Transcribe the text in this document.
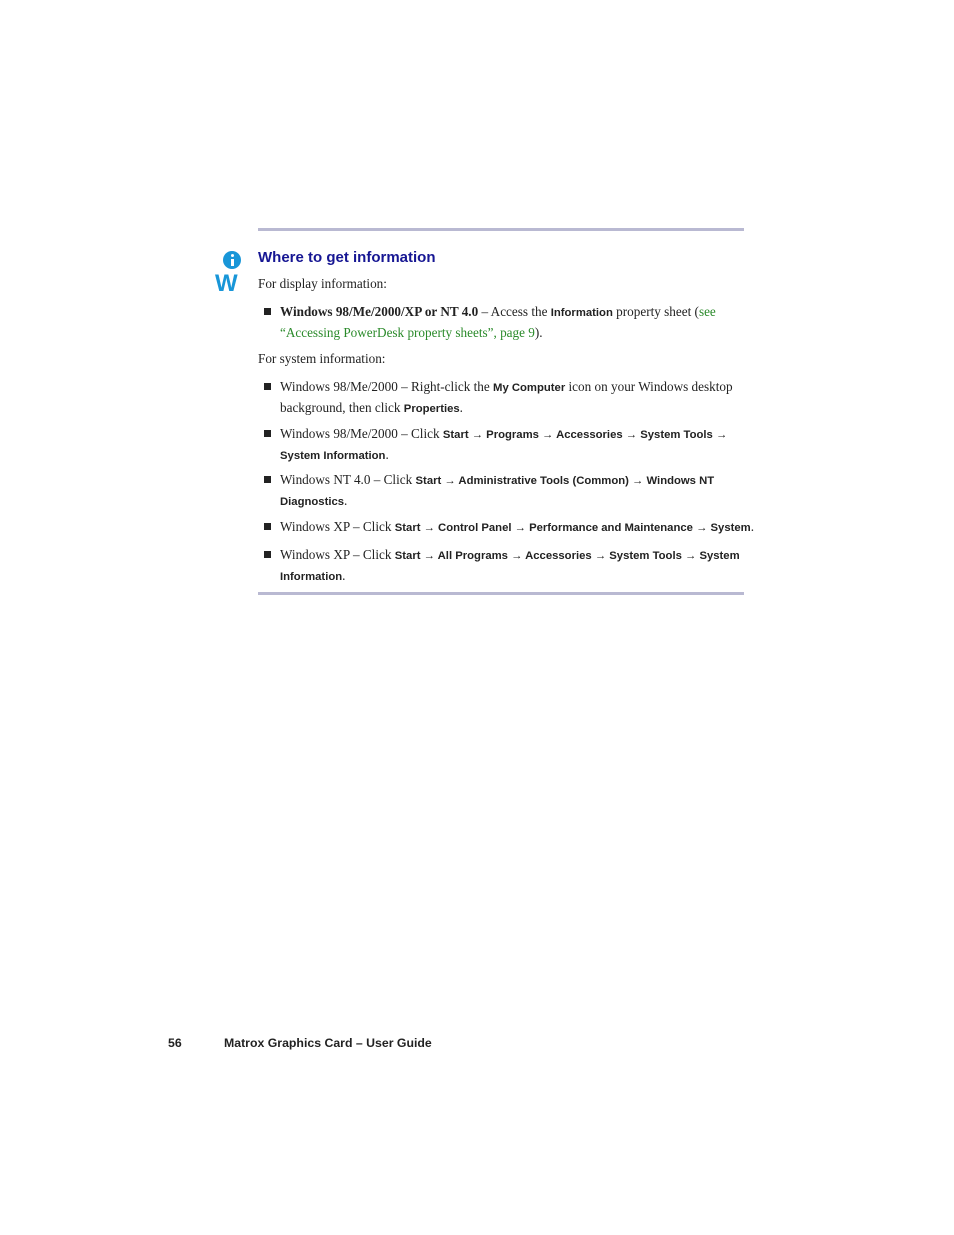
W
Where to get information

For display information:

Windows 98/Me/2000/XP or NT 4.0 – Access the Information property sheet (see “Accessing PowerDesk property sheets”, page 9).

For system information:

Windows 98/Me/2000 – Right-click the My Computer icon on your Windows desktop background, then click Properties.
Windows 98/Me/2000 – Click Start → Programs → Accessories → System Tools → System Information.
Windows NT 4.0 – Click Start → Administrative Tools (Common) → Windows NT Diagnostics.
Windows XP – Click Start → Control Panel → Performance and Maintenance → System.
Windows XP – Click Start → All Programs → Accessories → System Tools → System Information.
56	Matrox Graphics Card – User Guide
